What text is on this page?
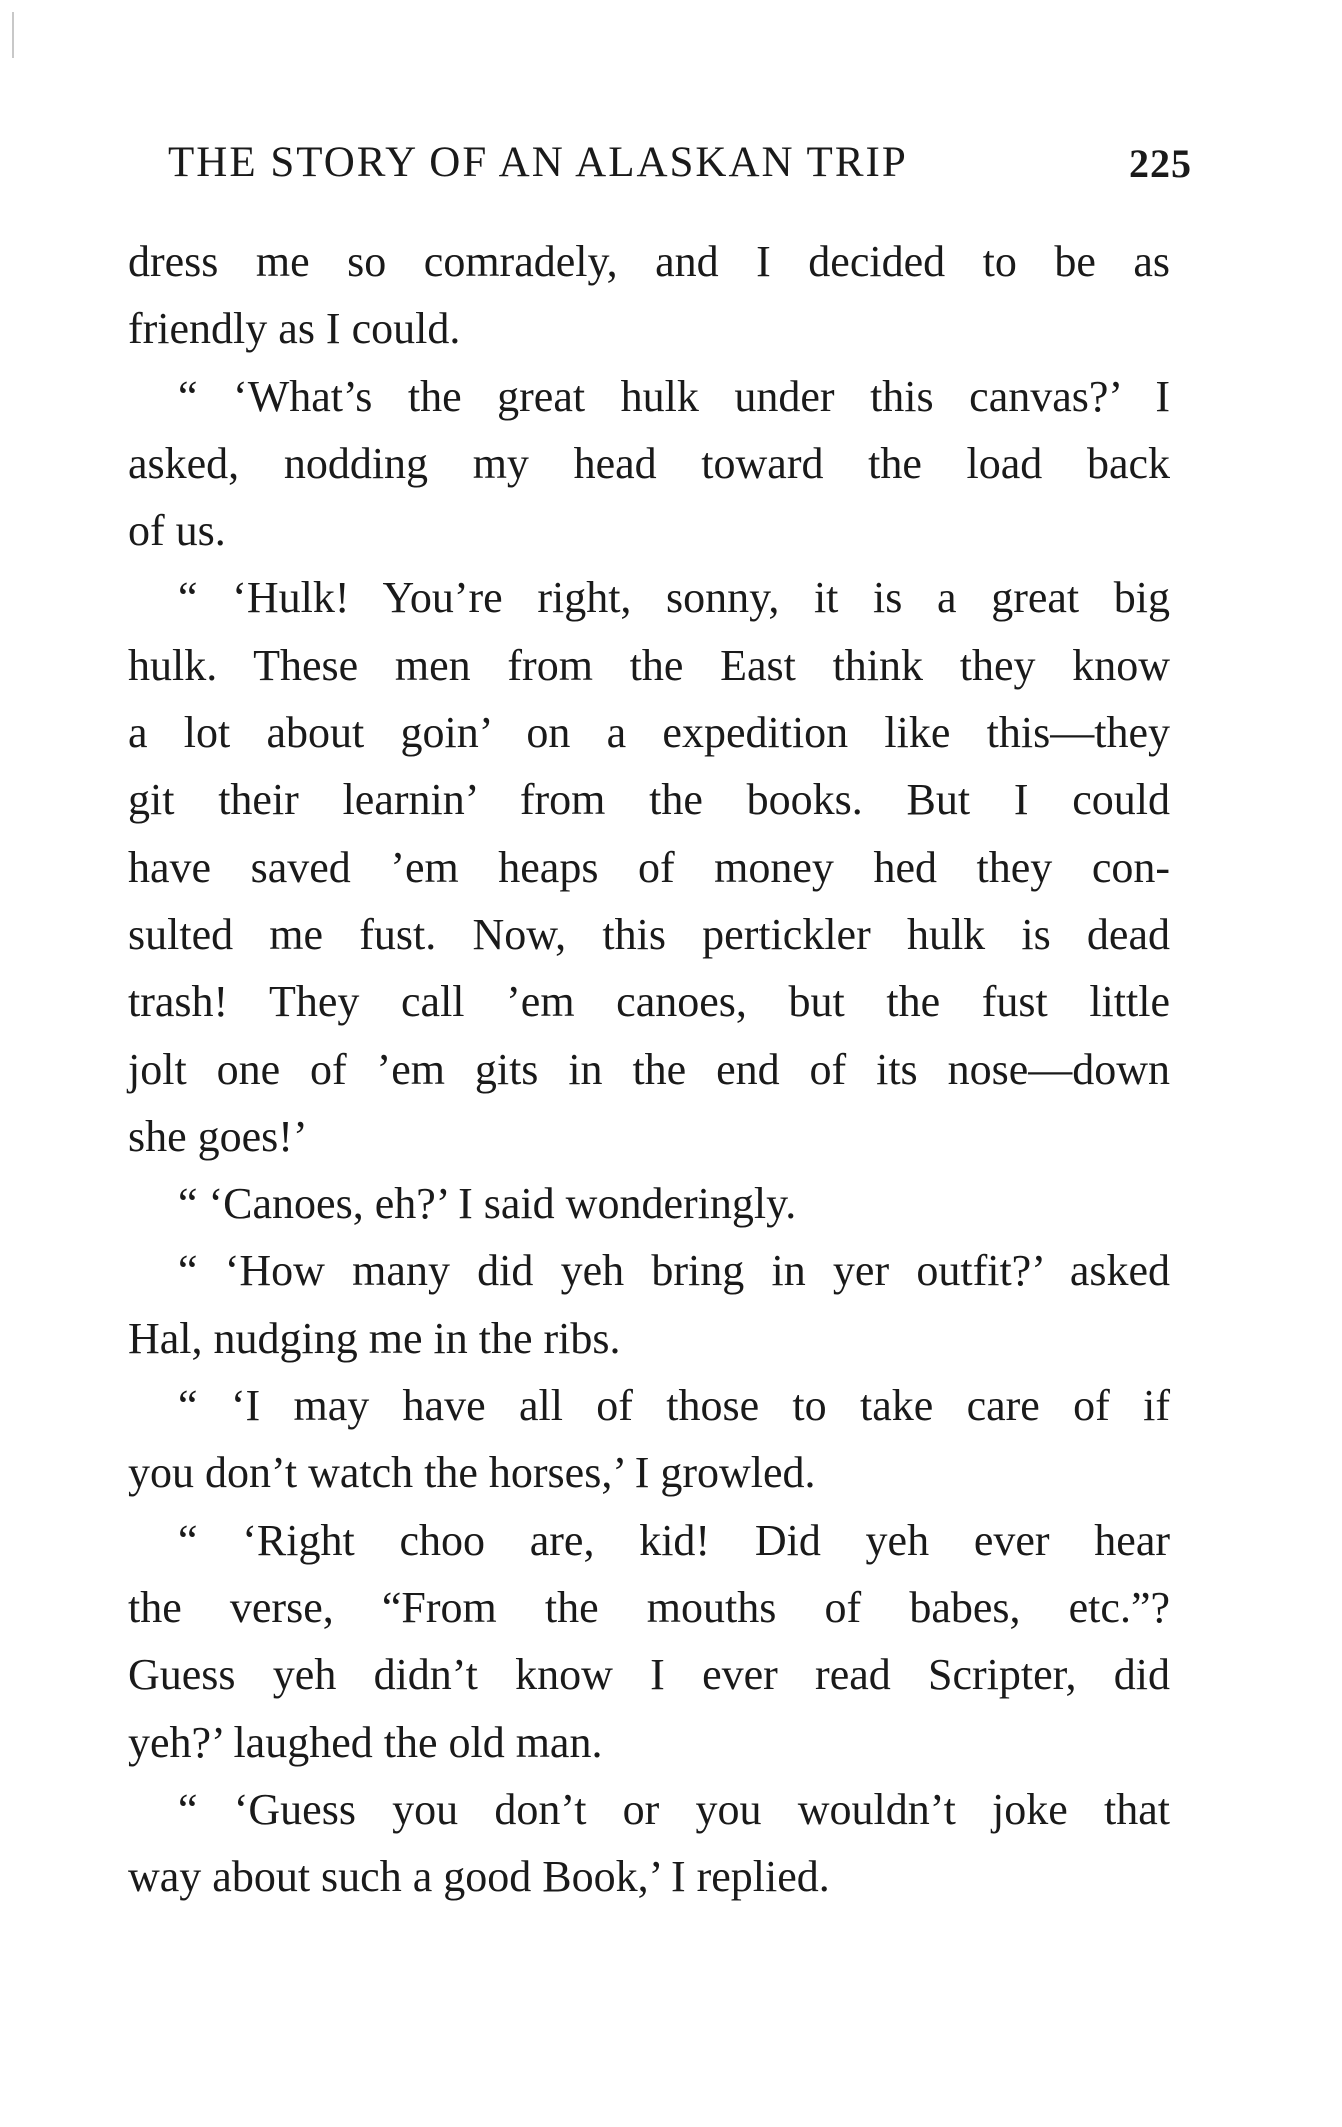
THE STORY OF AN ALASKAN TRIP	225
dress me so comradely, and I decided to be as
friendly as I could.
“ ‘What’s the great hulk under this canvas?’ I
asked, nodding my head toward the load back
of us.
“ ‘Hulk! You’re right, sonny, it is a great big
hulk. These men from the East think they know
a lot about goin’ on a expedition like this—they
git their learnin’ from the books. But I could
have saved ’em heaps of money hed they con-
sulted me fust. Now, this pertickler hulk is dead
trash! They call ’em canoes, but the fust little
jolt one of ’em gits in the end of its nose—down
she goes!’
“ ‘Canoes, eh?’ I said wonderingly.
“ ‘How many did yeh bring in yer outfit?’ asked
Hal, nudging me in the ribs.
“ ‘I may have all of those to take care of if
you don’t watch the horses,’ I growled.
“ ‘Right choo are, kid! Did yeh ever hear
the verse, “From the mouths of babes, etc.”?
Guess yeh didn’t know I ever read Scripter, did
yeh?’ laughed the old man.
“ ‘Guess you don’t or you wouldn’t joke that
way about such a good Book,’ I replied.
